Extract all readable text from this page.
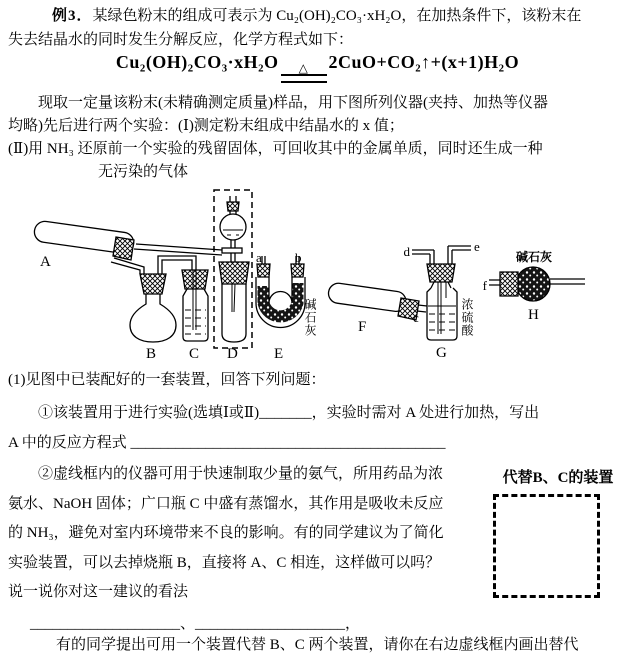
例3．某绿色粉末的组成可表示为 Cu₂(OH)₂CO₃·xH₂O，在加热条件下，该粉末在
失去结晶水的同时发生分解反应，化学方程式如下：
Cu₂(OH)₂CO₃·xH₂O	△	2CuO+CO₂↑+(x+1)H₂O
现取一定量该粉末(未精确测定质量)样品，用下图所列仪器(夹持、加热等仪器
均略)先后进行两个实验：(Ⅰ)测定粉末组成中结晶水的 x 值；
(Ⅱ)用 NH₃ 还原前一个实验的残留固体，可回收其中的金属单质，同时还生成一种
无污染的气体
A
B C D E
F
G
H
a	b
c
d	e
f
碱石灰
碱石灰	浓硫酸
(1)见图中已装配好的一套装置，回答下列问题：
①该装置用于进行实验(选填Ⅰ或Ⅱ)_______，实验时需对 A 处进行加热，写出
A 中的反应方程式 __________________________________________
②虚线框内的仪器可用于快速制取少量的氨气，所用药品为浓
氨水、NaOH 固体；广口瓶 C 中盛有蒸馏水，其作用是吸收未反应
的 NH₃，避免对室内环境带来不良的影响。有的同学建议为了简化
实验装置，可以去掉烧瓶 B，直接将 A、C 相连，这样做可以吗？
说一说你对这一建议的看法
代替B、C的装置
____________________、____________________，
有的同学提出可用一个装置代替 B、C 两个装置，请你在右边虚线框内画出替代
